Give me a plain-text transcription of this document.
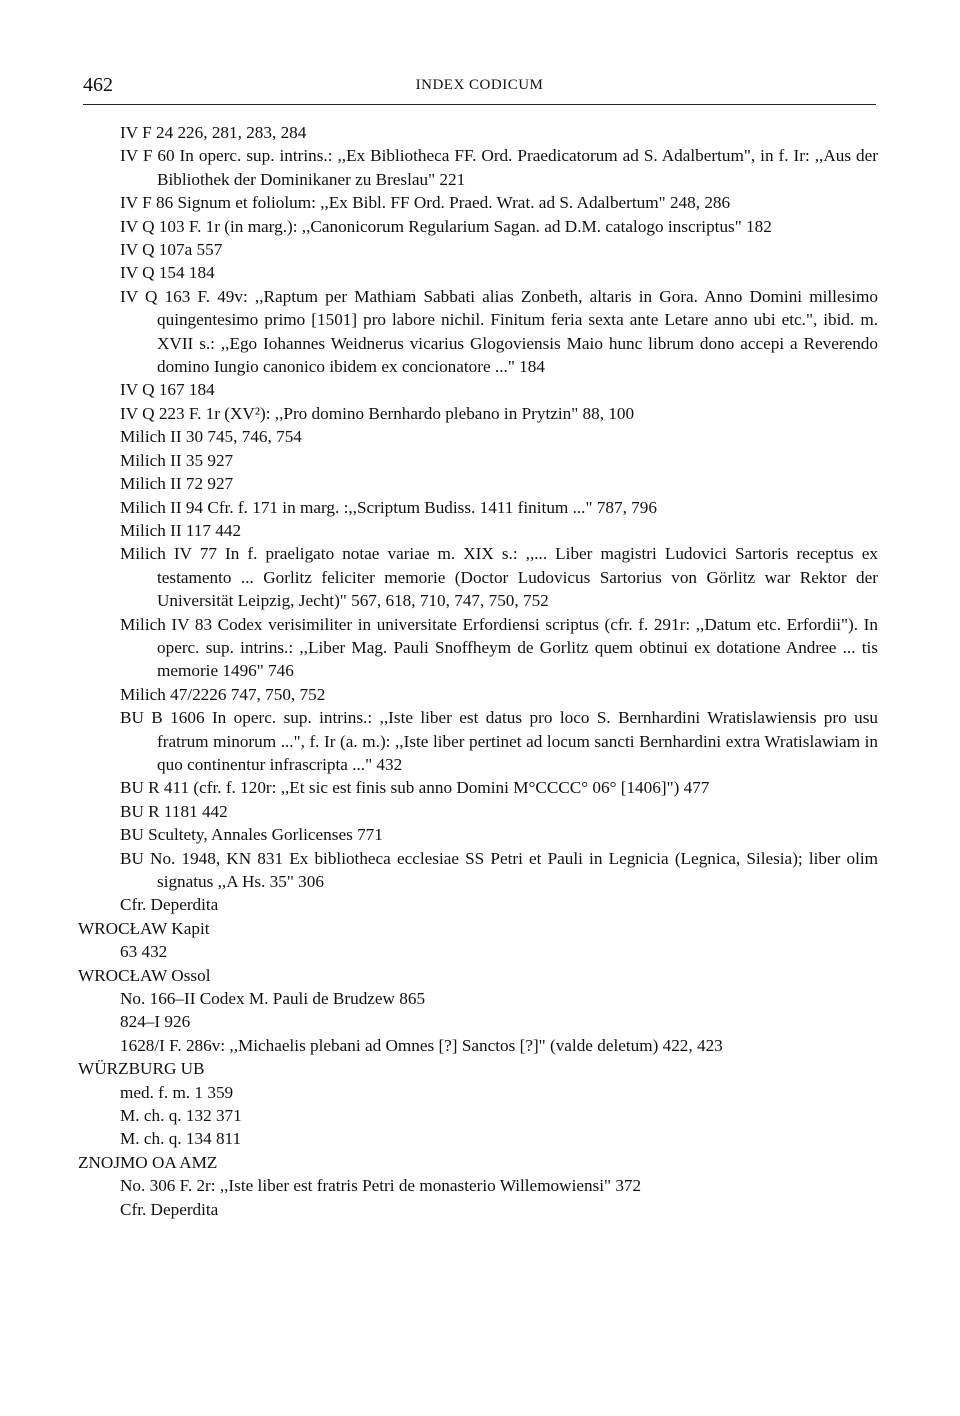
462	INDEX CODICUM
IV F 24 226, 281, 283, 284
IV F 60 In operc. sup. intrins.: ,,Ex Bibliotheca FF. Ord. Praedicatorum ad S. Adalbertum", in f. Ir: ,,Aus der Bibliothek der Dominikaner zu Breslau" 221
IV F 86 Signum et foliolum: ,,Ex Bibl. FF Ord. Praed. Wrat. ad S. Adalbertum" 248, 286
IV Q 103 F. 1r (in marg.): ,,Canonicorum Regularium Sagan. ad D.M. catalogo inscriptus" 182
IV Q 107a 557
IV Q 154 184
IV Q 163 F. 49v: ,,Raptum per Mathiam Sabbati alias Zonbeth, altaris in Gora. Anno Domini millesimo quingentesimo primo [1501] pro labore nichil. Finitum feria sexta ante Letare anno ubi etc.", ibid. m. XVII s.: ,,Ego Iohannes Weidnerus vicarius Glogoviensis Maio hunc librum dono accepi a Reverendo domino Iungio canonico ibidem ex concionatore ..." 184
IV Q 167 184
IV Q 223 F. 1r (XV²): ,,Pro domino Bernhardo plebano in Prytzin" 88, 100
Milich II 30 745, 746, 754
Milich II 35 927
Milich II 72 927
Milich II 94 Cfr. f. 171 in marg. :,,Scriptum Budiss. 1411 finitum ..." 787, 796
Milich II 117 442
Milich IV 77 In f. praeligato notae variae m. XIX s.: ,,... Liber magistri Ludovici Sartoris receptus ex testamento ... Gorlitz feliciter memorie (Doctor Ludovicus Sartorius von Görlitz war Rektor der Universität Leipzig, Jecht)" 567, 618, 710, 747, 750, 752
Milich IV 83 Codex verisimiliter in universitate Erfordiensi scriptus (cfr. f. 291r: ,,Datum etc. Erfordii"). In operc. sup. intrins.: ,,Liber Mag. Pauli Snoffheym de Gorlitz quem obtinui ex dotatione Andree ... tis memorie 1496" 746
Milich 47/2226 747, 750, 752
BU B 1606 In operc. sup. intrins.: ,,Iste liber est datus pro loco S. Bernhardini Wratislawiensis pro usu fratrum minorum ...", f. Ir (a. m.): ,,Iste liber pertinet ad locum sancti Bernhardini extra Wratislawiam in quo continentur infrascripta ..." 432
BU R 411 (cfr. f. 120r: ,,Et sic est finis sub anno Domini M°CCCC° 06° [1406]") 477
BU R 1181 442
BU Scultety, Annales Gorlicenses 771
BU No. 1948, KN 831 Ex bibliotheca ecclesiae SS Petri et Pauli in Legnicia (Legnica, Silesia); liber olim signatus ,,A Hs. 35" 306
Cfr. Deperdita
WROCŁAW Kapit
63 432
WROCŁAW Ossol
No. 166–II Codex M. Pauli de Brudzew 865
824–I 926
1628/I F. 286v: ,,Michaelis plebani ad Omnes [?] Sanctos [?]" (valde deletum) 422, 423
WÜRZBURG UB
med. f. m. 1 359
M. ch. q. 132 371
M. ch. q. 134 811
ZNOJMO OA AMZ
No. 306 F. 2r: ,,Iste liber est fratris Petri de monasterio Willemowiensi" 372
Cfr. Deperdita
